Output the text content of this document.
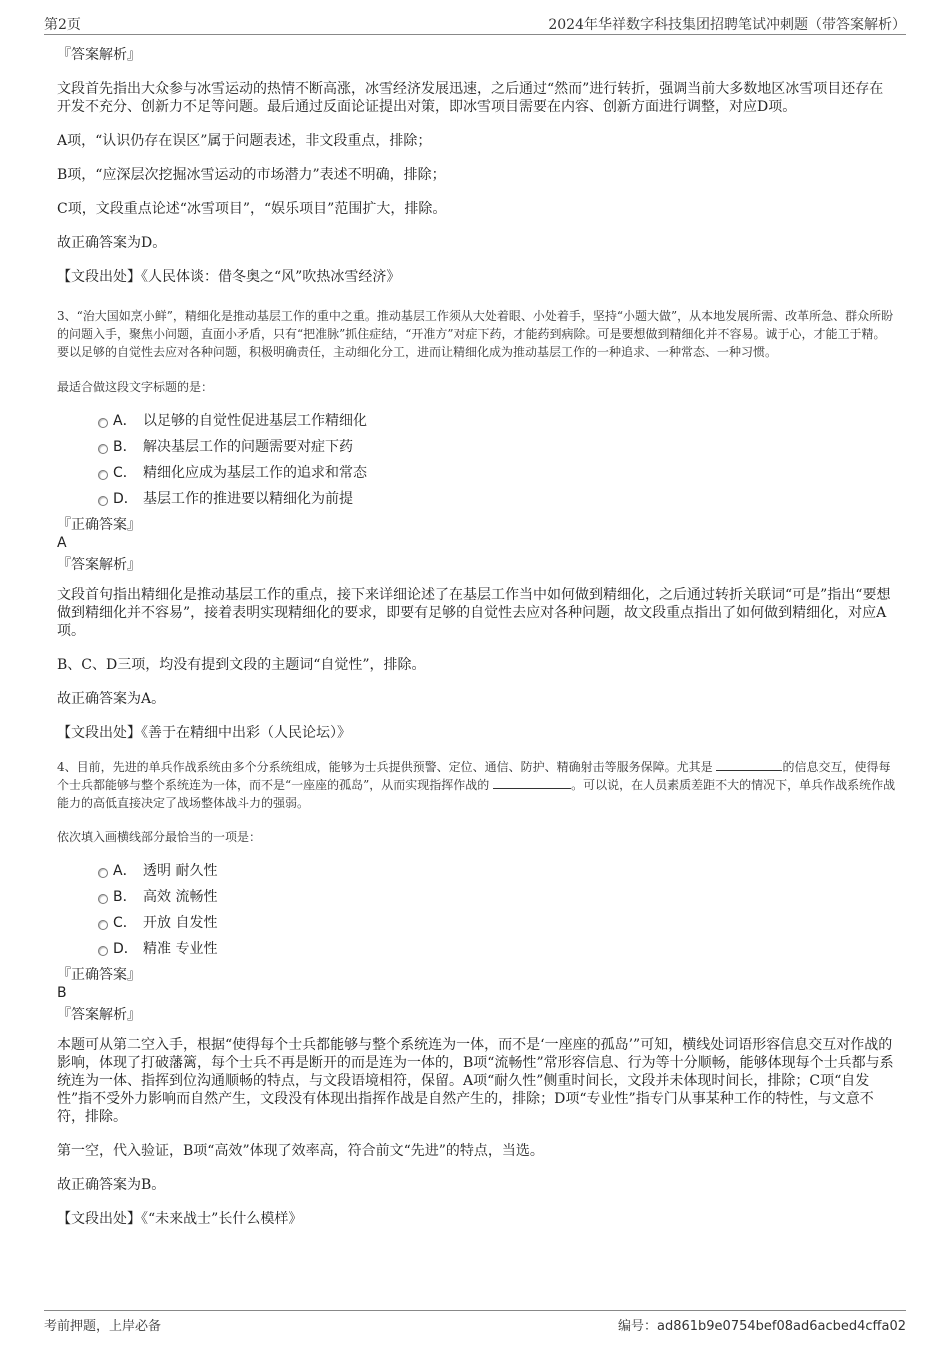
第2页	2024年华祥数字科技集团招聘笔试冲刺题（带答案解析）

『答案解析』

文段首先指出大众参与冰雪运动的热情不断高涨，冰雪经济发展迅速，之后通过“然而”进行转折，强调当前大多数地区冰雪项目还存在开发不充分、创新力不足等问题。最后通过反面论证提出对策，即冰雪项目需要在内容、创新方面进行调整，对应D项。

A项，“认识仍存在误区”属于问题表述，非文段重点，排除；

B项，“应深层次挖掘冰雪运动的市场潜力”表述不明确，排除；

C项，文段重点论述“冰雪项目”，“娱乐项目”范围扩大，排除。

故正确答案为D。

【文段出处】《人民体谈：借冬奥之“风”吹热冰雪经济》

3、“治大国如烹小鲜”，精细化是推动基层工作的重中之重。推动基层工作须从大处着眼、小处着手，坚持“小题大做”，从本地发展所需、改革所急、群众所盼的问题入手，聚焦小问题，直面小矛盾，只有“把准脉”抓住症结，“开准方”对症下药，才能药到病除。可是要想做到精细化并不容易。诚于心，才能工于精。要以足够的自觉性去应对各种问题，积极明确责任，主动细化分工，进而让精细化成为推动基层工作的一种追求、一种常态、一种习惯。

最适合做这段文字标题的是：

A． 以足够的自觉性促进基层工作精细化
B． 解决基层工作的问题需要对症下药
C． 精细化应成为基层工作的追求和常态
D． 基层工作的推进要以精细化为前提

『正确答案』

A

『答案解析』

文段首句指出精细化是推动基层工作的重点，接下来详细论述了在基层工作当中如何做到精细化，之后通过转折关联词“可是”指出“要想做到精细化并不容易”，接着表明实现精细化的要求，即要有足够的自觉性去应对各种问题，故文段重点指出了如何做到精细化，对应A项。

B、C、D三项，均没有提到文段的主题词“自觉性”，排除。

故正确答案为A。

【文段出处】《善于在精细中出彩（人民论坛）》

4、目前，先进的单兵作战系统由多个分系统组成，能够为士兵提供预警、定位、通信、防护、精确射击等服务保障。尤其是	的信息交互，使得每个士兵都能够与整个系统连为一体，而不是“一座座的孤岛”，从而实现指挥作战的	。可以说，在人员素质差距不大的情况下，单兵作战系统作战能力的高低直接决定了战场整体战斗力的强弱。

依次填入画横线部分最恰当的一项是：

A． 透明 耐久性
B． 高效 流畅性
C． 开放 自发性
D． 精准 专业性

『正确答案』

B

『答案解析』

本题可从第二空入手，根据“使得每个士兵都能够与整个系统连为一体，而不是‘一座座的孤岛’”可知，横线处词语形容信息交互对作战的影响，体现了打破藩篱，每个士兵不再是断开的而是连为一体的，B项“流畅性”常形容信息、行为等十分顺畅，能够体现每个士兵都与系统连为一体、指挥到位沟通顺畅的特点，与文段语境相符，保留。A项“耐久性”侧重时间长，文段并未体现时间长，排除；C项“自发性”指不受外力影响而自然产生，文段没有体现出指挥作战是自然产生的，排除；D项“专业性”指专门从事某种工作的特性，与文意不符，排除。

第一空，代入验证，B项“高效”体现了效率高，符合前文“先进”的特点，当选。

故正确答案为B。

【文段出处】《“未来战士”长什么模样》

考前押题，上岸必备	编号：ad861b9e0754bef08ad6acbed4cffa02
